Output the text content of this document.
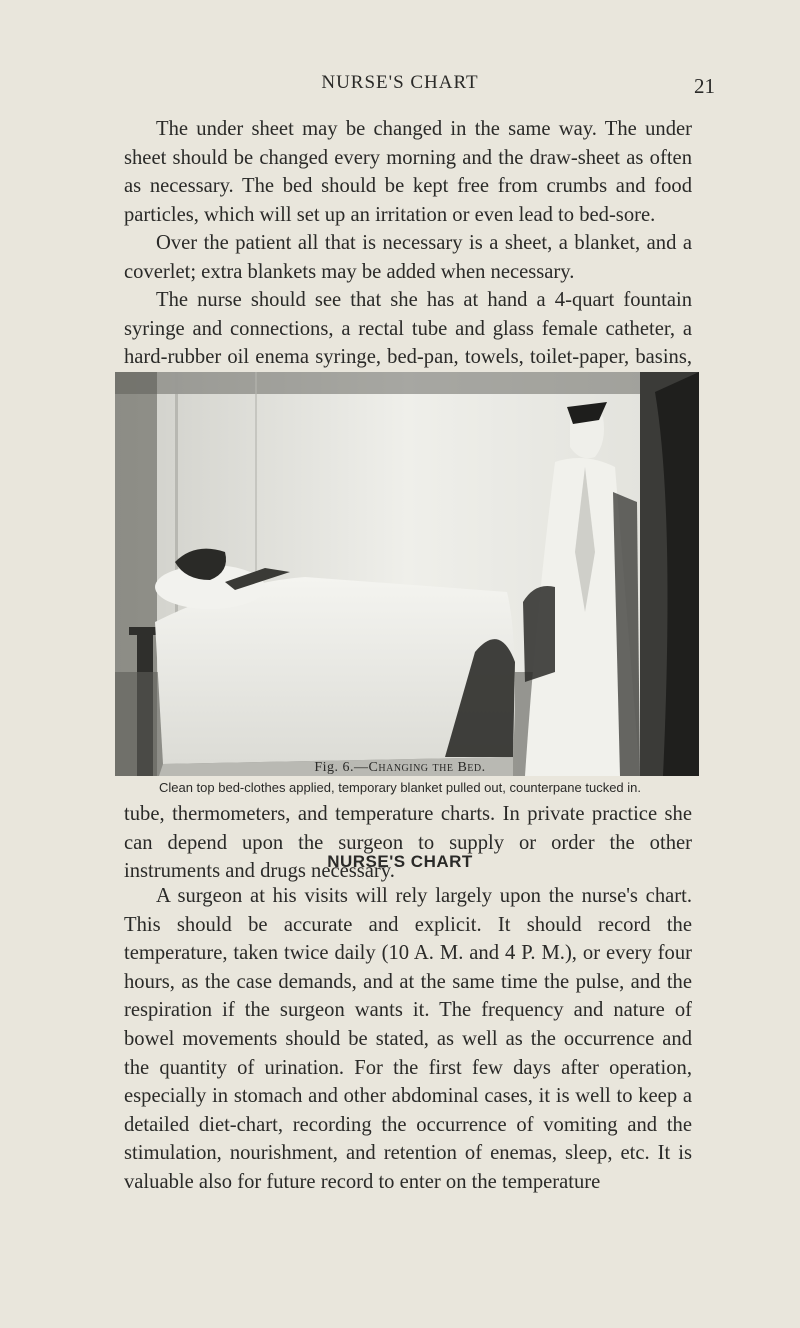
NURSE'S CHART	21

The under sheet may be changed in the same way. The under sheet should be changed every morning and the draw-sheet as often as necessary. The bed should be kept free from crumbs and food particles, which will set up an irritation or even lead to bed-sore.

Over the patient all that is necessary is a sheet, a blanket, and a coverlet; extra blankets may be added when necessary.

The nurse should see that she has at hand a 4-quart fountain syringe and connections, a rectal tube and glass female catheter, a hard-rubber oil enema syringe, bed-pan, towels, toilet-paper, basins,

Fig. 6.—Changing the Bed.
Clean top bed-clothes applied, temporary blanket pulled out, counterpane tucked in.

tube, thermometers, and temperature charts. In private practice she can depend upon the surgeon to supply or order the other instruments and drugs necessary.

NURSE'S CHART

A surgeon at his visits will rely largely upon the nurse's chart. This should be accurate and explicit. It should record the temperature, taken twice daily (10 A. M. and 4 P. M.), or every four hours, as the case demands, and at the same time the pulse, and the respiration if the surgeon wants it. The frequency and nature of bowel movements should be stated, as well as the occurrence and the quantity of urination. For the first few days after operation, especially in stomach and other abdominal cases, it is well to keep a detailed diet-chart, recording the occurrence of vomiting and the stimulation, nourishment, and retention of enemas, sleep, etc. It is valuable also for future record to enter on the temperature
